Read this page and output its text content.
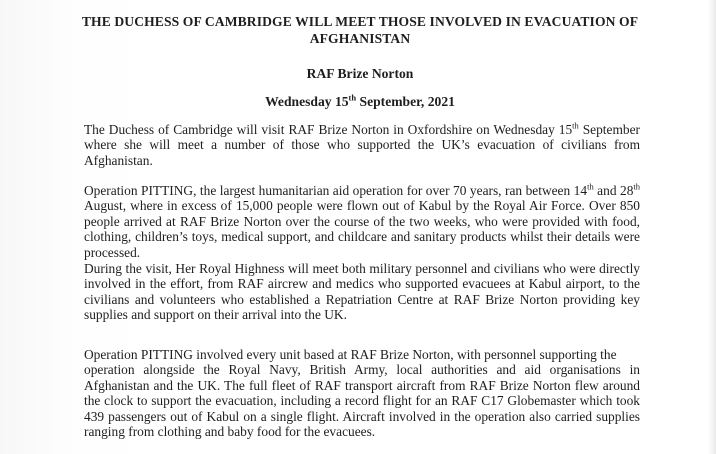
THE DUCHESS OF CAMBRIDGE WILL MEET THOSE INVOLVED IN EVACUATION OF
AFGHANISTAN
RAF Brize Norton
Wednesday 15th September, 2021

The Duchess of Cambridge will visit RAF Brize Norton in Oxfordshire on Wednesday 15th September
where she will meet a number of those who supported the UK’s evacuation of civilians from
Afghanistan.

Operation PITTING, the largest humanitarian aid operation for over 70 years, ran between 14th and 28th
August, where in excess of 15,000 people were flown out of Kabul by the Royal Air Force. Over 850
people arrived at RAF Brize Norton over the course of the two weeks, who were provided with food,
clothing, children’s toys, medical support, and childcare and sanitary products whilst their details were
processed.

During the visit, Her Royal Highness will meet both military personnel and civilians who were directly
involved in the effort, from RAF aircrew and medics who supported evacuees at Kabul airport, to the
civilians and volunteers who established a Repatriation Centre at RAF Brize Norton providing key
supplies and support on their arrival into the UK.

Operation PITTING involved every unit based at RAF Brize Norton, with personnel supporting the
operation alongside the Royal Navy, British Army, local authorities and aid organisations in
Afghanistan and the UK. The full fleet of RAF transport aircraft from RAF Brize Norton flew around
the clock to support the evacuation, including a record flight for an RAF C17 Globemaster which took
439 passengers out of Kabul on a single flight. Aircraft involved in the operation also carried supplies
ranging from clothing and baby food for the evacuees.
